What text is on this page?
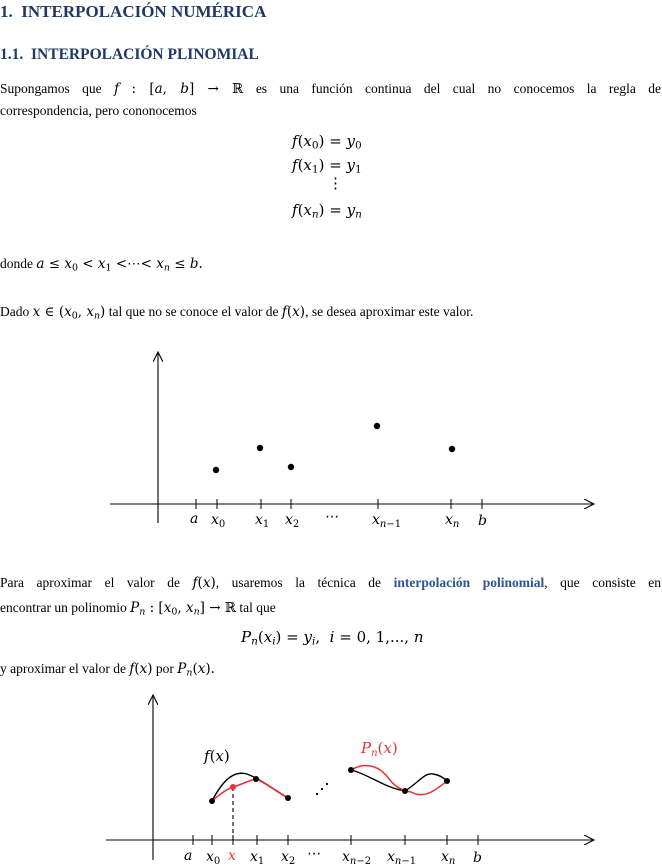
1. INTERPOLACIÓN NUMÉRICA
1.1. INTERPOLACIÓN PLINOMIAL
Supongamos que f : [a, b] → ℝ es una función continua del cual no conocemos la regla de
correspondencia, pero cononocemos
$f(x_0) = y_0$
$f(x_1) = y_1$
⋮
$f(x_n) = y_n$
donde $a \le x_0 < x_1$ <⋯< $x_n \le b$.
Dado x ∈ ($x_0$, $x_n$) tal que no se conoce el valor de f(x), se desea aproximar este valor.
a $x_0$ $x_1$ $x_2$ ⋯ $x_n-1$	$x_n$ b
Para aproximar el valor de f(x), usaremos la técnica de interpolación polinomial, que consiste en
encontrar un polinomio $P_n$ : [$x_0$, $x_n$] → ℝ tal que
$P_n(x_i) = y_i$,  i = 0, 1,..., n
y aproximar el valor de f(x) por $P_n(x)$.
f(x)	$P_n(x)$
a $x_0$ x $x_1$ $x_2$ ⋯ $x_n-2$ $x_n-1$ $x_n$ b
